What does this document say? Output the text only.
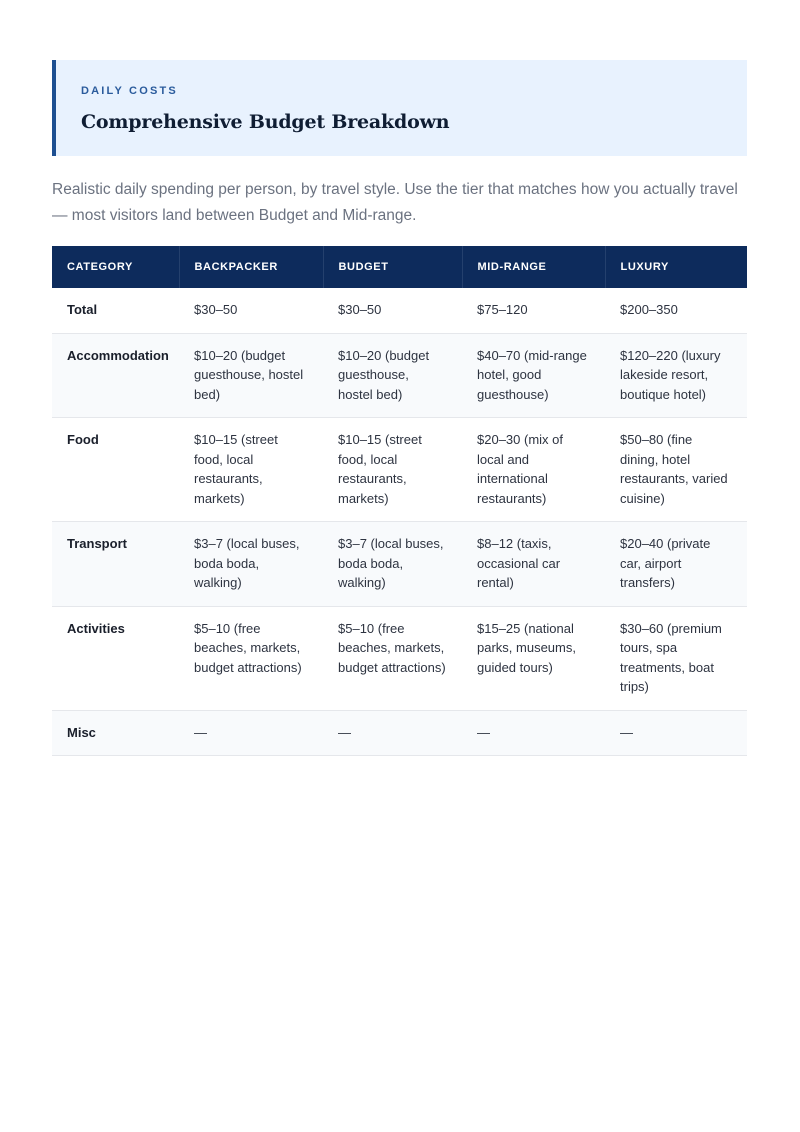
DAILY COSTS
Comprehensive Budget Breakdown

Realistic daily spending per person, by travel style. Use the tier that matches how you actually travel — most visitors land between Budget and Mid-range.

CATEGORY	BACKPACKER	BUDGET	MID-RANGE	LUXURY
Total	$30–50	$30–50	$75–120	$200–350
Accommodation	$10–20 (budget guesthouse, hostel bed)	$10–20 (budget guesthouse, hostel bed)	$40–70 (mid-range hotel, good guesthouse)	$120–220 (luxury lakeside resort, boutique hotel)
Food	$10–15 (street food, local restaurants, markets)	$10–15 (street food, local restaurants, markets)	$20–30 (mix of local and international restaurants)	$50–80 (fine dining, hotel restaurants, varied cuisine)
Transport	$3–7 (local buses, boda boda, walking)	$3–7 (local buses, boda boda, walking)	$8–12 (taxis, occasional car rental)	$20–40 (private car, airport transfers)
Activities	$5–10 (free beaches, markets, budget attractions)	$5–10 (free beaches, markets, budget attractions)	$15–25 (national parks, museums, guided tours)	$30–60 (premium tours, spa treatments, boat trips)
Misc	—	—	—	—
